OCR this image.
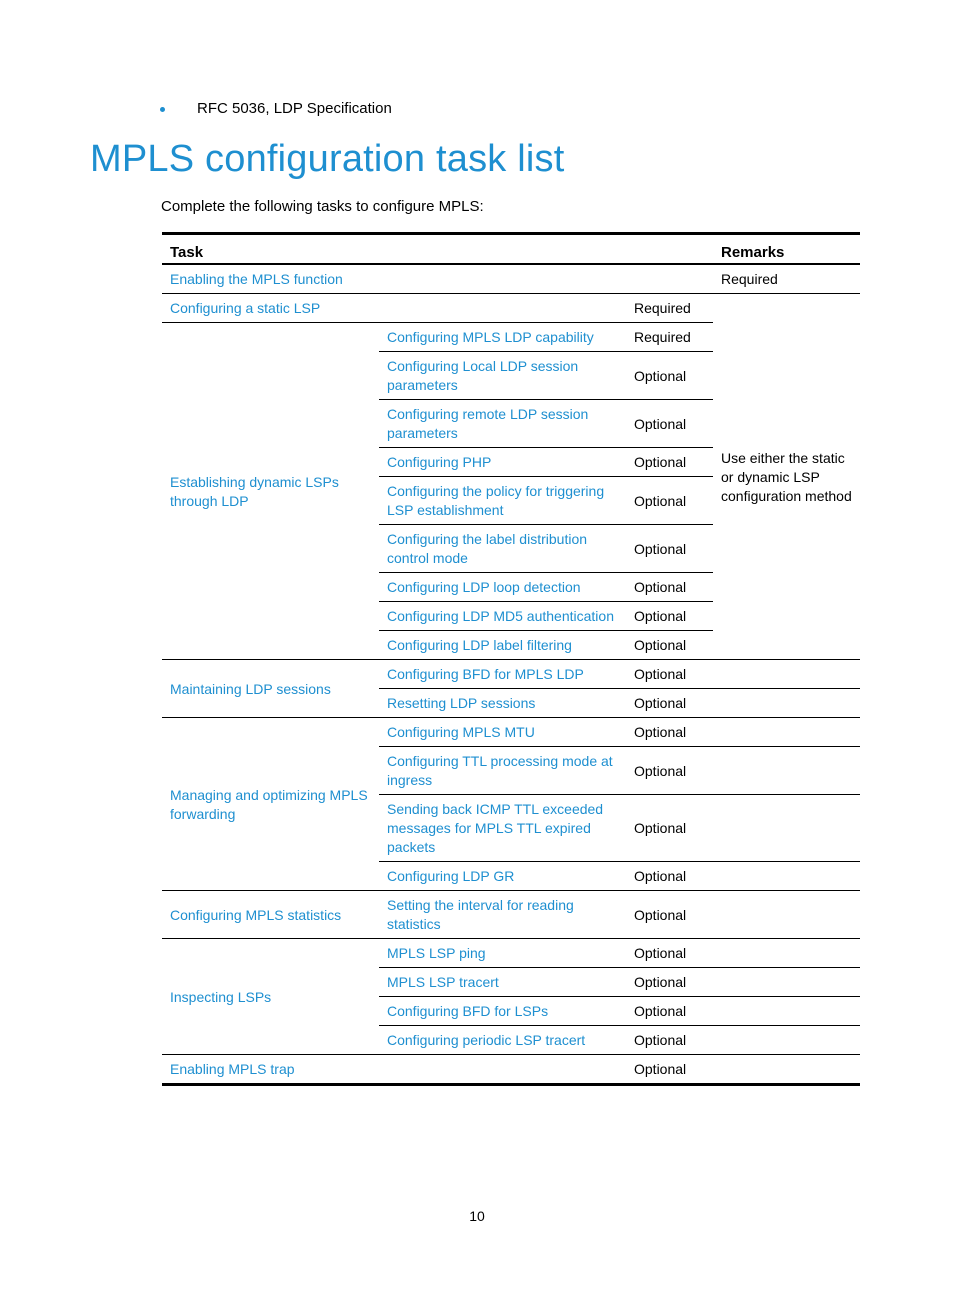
RFC 5036, LDP Specification
MPLS configuration task list
Complete the following tasks to configure MPLS:
Task			Remarks
Enabling the MPLS function			Required
Configuring a static LSP		Required	Use either the static or dynamic LSP configuration method
Establishing dynamic LSPs through LDP	Configuring MPLS LDP capability	Required	
	Configuring Local LDP session parameters	Optional	
	Configuring remote LDP session parameters	Optional	
	Configuring PHP	Optional	
	Configuring the policy for triggering LSP establishment	Optional	
	Configuring the label distribution control mode	Optional	
	Configuring LDP loop detection	Optional	
	Configuring LDP MD5 authentication	Optional	
	Configuring LDP label filtering	Optional	
Maintaining LDP sessions	Configuring BFD for MPLS LDP	Optional	
	Resetting LDP sessions	Optional	
Managing and optimizing MPLS forwarding	Configuring MPLS MTU	Optional	
	Configuring TTL processing mode at ingress	Optional	
	Sending back ICMP TTL exceeded messages for MPLS TTL expired packets	Optional	
	Configuring LDP GR	Optional	
Configuring MPLS statistics	Setting the interval for reading statistics	Optional	
Inspecting LSPs	MPLS LSP ping	Optional	
	MPLS LSP tracert	Optional	
	Configuring BFD for LSPs	Optional	
	Configuring periodic LSP tracert	Optional	
Enabling MPLS trap		Optional	
10
